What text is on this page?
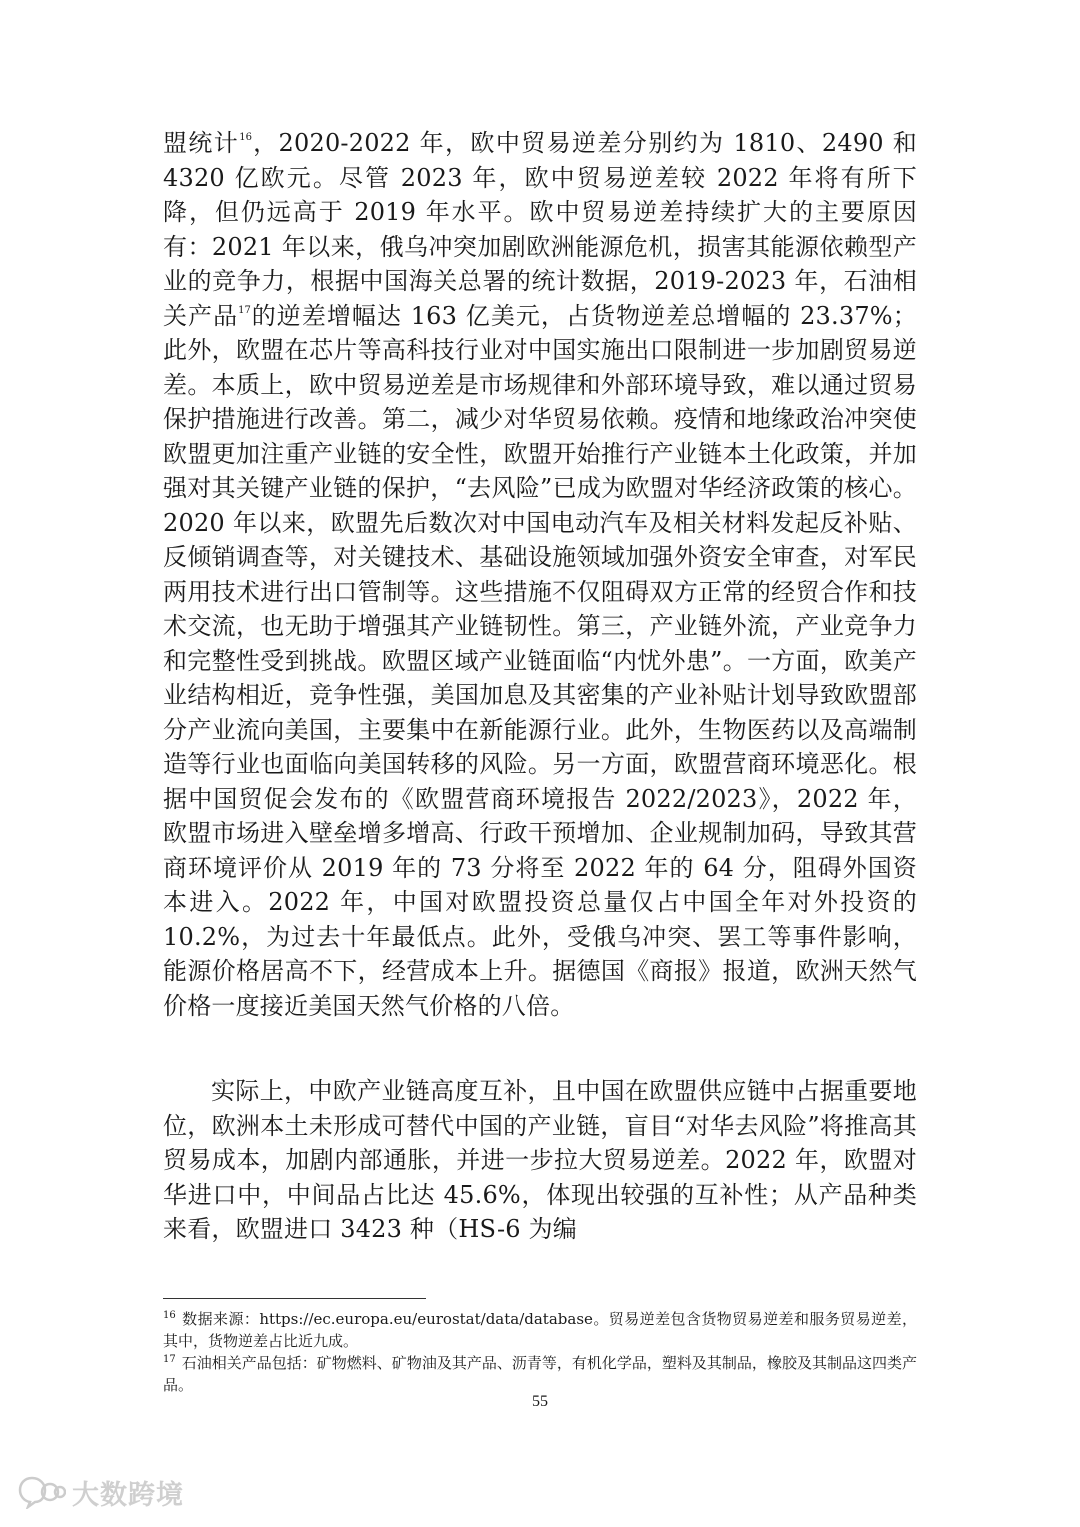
盟统计$^{16}$，2020-2022 年，欧中贸易逆差分别约为 1810、2490 和 4320 亿欧元。尽管 2023 年，欧中贸易逆差较 2022 年将有所下降，但仍远高于 2019 年水平。欧中贸易逆差持续扩大的主要原因有：2021 年以来，俄乌冲突加剧欧洲能源危机，损害其能源依赖型产业的竞争力，根据中国海关总署的统计数据，2019-2023 年，石油相关产品$^{17}$的逆差增幅达 163 亿美元，占货物逆差总增幅的 23.37%；此外，欧盟在芯片等高科技行业对中国实施出口限制进一步加剧贸易逆差。本质上，欧中贸易逆差是市场规律和外部环境导致，难以通过贸易保护措施进行改善。第二，减少对华贸易依赖。疫情和地缘政治冲突使欧盟更加注重产业链的安全性，欧盟开始推行产业链本土化政策，并加强对其关键产业链的保护，“去风险”已成为欧盟对华经济政策的核心。2020 年以来，欧盟先后数次对中国电动汽车及相关材料发起反补贴、反倾销调查等，对关键技术、基础设施领域加强外资安全审查，对军民两用技术进行出口管制等。这些措施不仅阻碍双方正常的经贸合作和技术交流，也无助于增强其产业链韧性。第三，产业链外流，产业竞争力和完整性受到挑战。欧盟区域产业链面临“内忧外患”。一方面，欧美产业结构相近，竞争性强，美国加息及其密集的产业补贴计划导致欧盟部分产业流向美国，主要集中在新能源行业。此外，生物医药以及高端制造等行业也面临向美国转移的风险。另一方面，欧盟营商环境恶化。根据中国贸促会发布的《欧盟营商环境报告 2022/2023》，2022 年，欧盟市场进入壁垒增多增高、行政干预增加、企业规制加码，导致其营商环境评价从 2019 年的 73 分将至 2022 年的 64 分，阻碍外国资本进入。2022 年，中国对欧盟投资总量仅占中国全年对外投资的 10.2%，为过去十年最低点。此外，受俄乌冲突、罢工等事件影响，能源价格居高不下，经营成本上升。据德国《商报》报道，欧洲天然气价格一度接近美国天然气价格的八倍。

实际上，中欧产业链高度互补，且中国在欧盟供应链中占据重要地位，欧洲本土未形成可替代中国的产业链，盲目“对华去风险”将推高其贸易成本，加剧内部通胀，并进一步拉大贸易逆差。2022 年，欧盟对华进口中，中间品占比达 45.6%，体现出较强的互补性；从产品种类来看，欧盟进口 3423 种（HS-6 为编

$^{16}$ 数据来源：https://ec.europa.eu/eurostat/data/database。贸易逆差包含货物贸易逆差和服务贸易逆差，其中，货物逆差占比近九成。

$^{17}$ 石油相关产品包括：矿物燃料、矿物油及其产品、沥青等，有机化学品，塑料及其制品，橡胶及其制品这四类产品。

55
大数跨境
